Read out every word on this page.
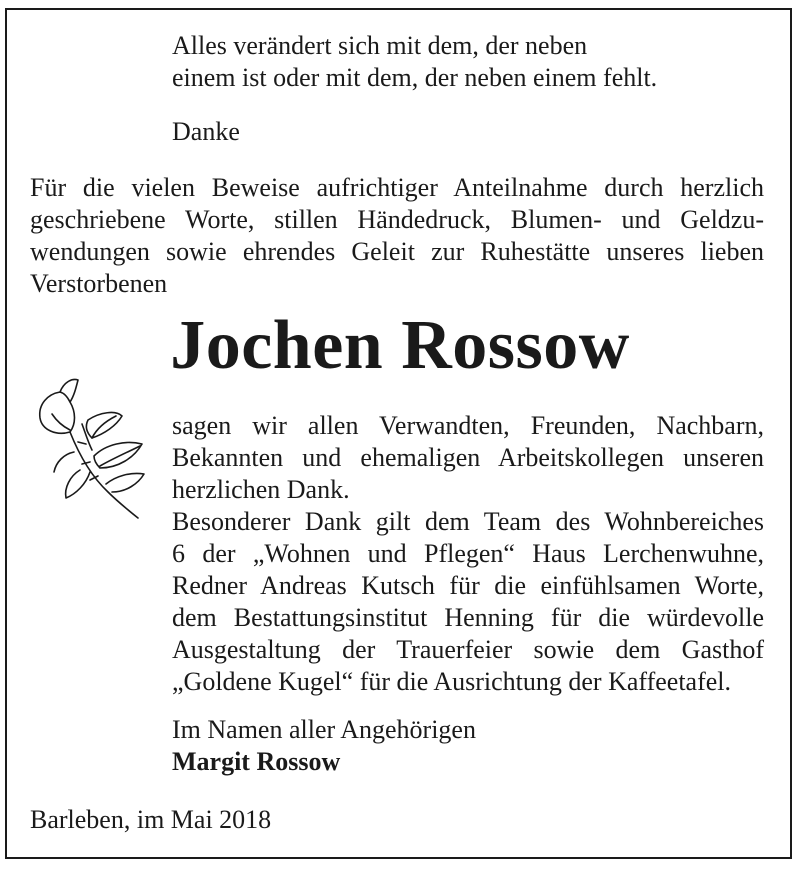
Alles verändert sich mit dem, der neben
einem ist oder mit dem, der neben einem fehlt.
Danke
Für die vielen Beweise aufrichtiger Anteilnahme durch herzlich
geschriebene Worte, stillen Händedruck, Blumen- und Geldzu-
wendungen sowie ehrendes Geleit zur Ruhestätte unseres lieben
Verstorbenen
Jochen Rossow
sagen wir allen Verwandten, Freunden, Nachbarn,
Bekannten und ehemaligen Arbeitskollegen unseren
herzlichen Dank.
Besonderer Dank gilt dem Team des Wohnbereiches
6 der „Wohnen und Pflegen“ Haus Lerchenwuhne,
Redner Andreas Kutsch für die einfühlsamen Worte,
dem Bestattungsinstitut Henning für die würdevolle
Ausgestaltung der Trauerfeier sowie dem Gasthof
„Goldene Kugel“ für die Ausrichtung der Kaffeetafel.
Im Namen aller Angehörigen
Margit Rossow
Barleben, im Mai 2018
